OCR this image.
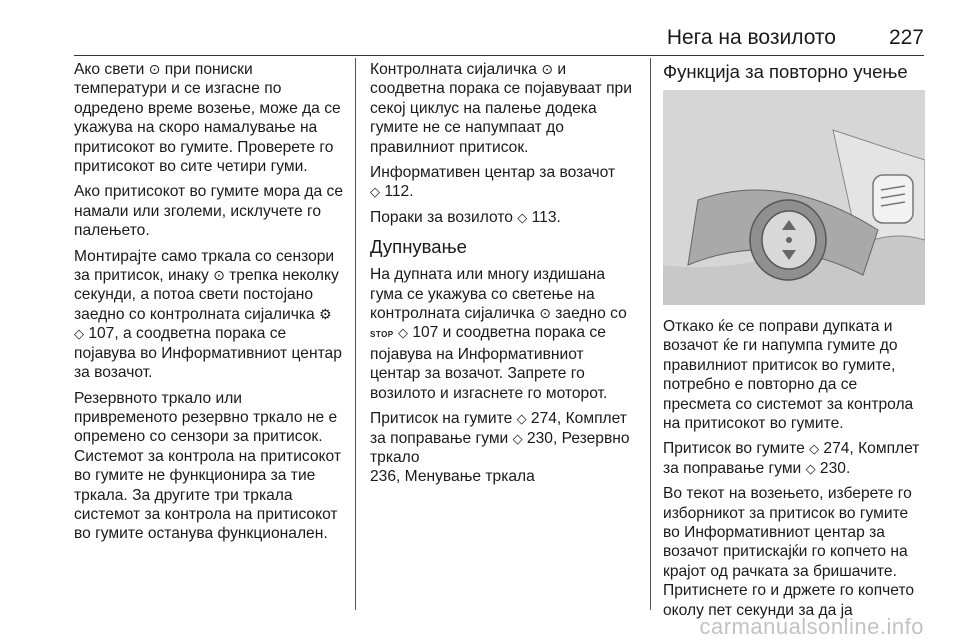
Нега на возилото	227

Ако свети ⊙ при пониски температури и се изгасне по одредено време возење, може да се укажува на скоро намалување на притисокот во гумите. Проверете го притисокот во сите четири гуми.

Ако притисокот во гумите мора да се намали или зголеми, исклучете го палењето.

Монтирајте само тркала со сензори за притисок, инаку ⊙ трепка неколку секунди, а потоа свети постојано заедно со контролната сијаличка ⚙ ◇ 107, а соодветна порака се појавува во Информативниот центар за возачот.

Резервното тркало или привременото резервно тркало не е опремено со сензори за притисок. Системот за контрола на притисокот во гумите не функционира за тие тркала. За другите три тркала системот за контрола на притисокот во гумите останува функционален.

Контролната сијаличка ⊙ и соодветна порака се појавуваат при секој циклус на палење додека гумите не се напумпаат до правилниот притисок.

Информативен центар за возачот
◇ 112.

Пораки за возилото ◇ 113.

Дупнување

На дупната или многу издишана гума се укажува со светење на контролната сијаличка ⊙ заедно со STOP ◇ 107 и соодветна порака се појавува на Информативниот центар за возачот. Запрете го возилото и изгаснете го моторот.

Притисок на гумите ◇ 274, Комплет за поправање гуми ◇ 230, Резервно тркало
236, Менување тркала

Функција за повторно учење

Откако ќе се поправи дупката и возачот ќе ги напумпа гумите до правилниот притисок во гумите, потребно е повторно да се пресмета со системот за контрола на притисокот во гумите.

Притисок во гумите ◇ 274, Комплет за поправање гуми ◇ 230.

Во текот на возењето, изберете го изборникот за притисок во гумите во Информативниот центар за возачот притискајќи го копчето на крајот од рачката за бришачите. Притиснете го и држете го копчето околу пет секунди за да ја

carmanualsonline.info
